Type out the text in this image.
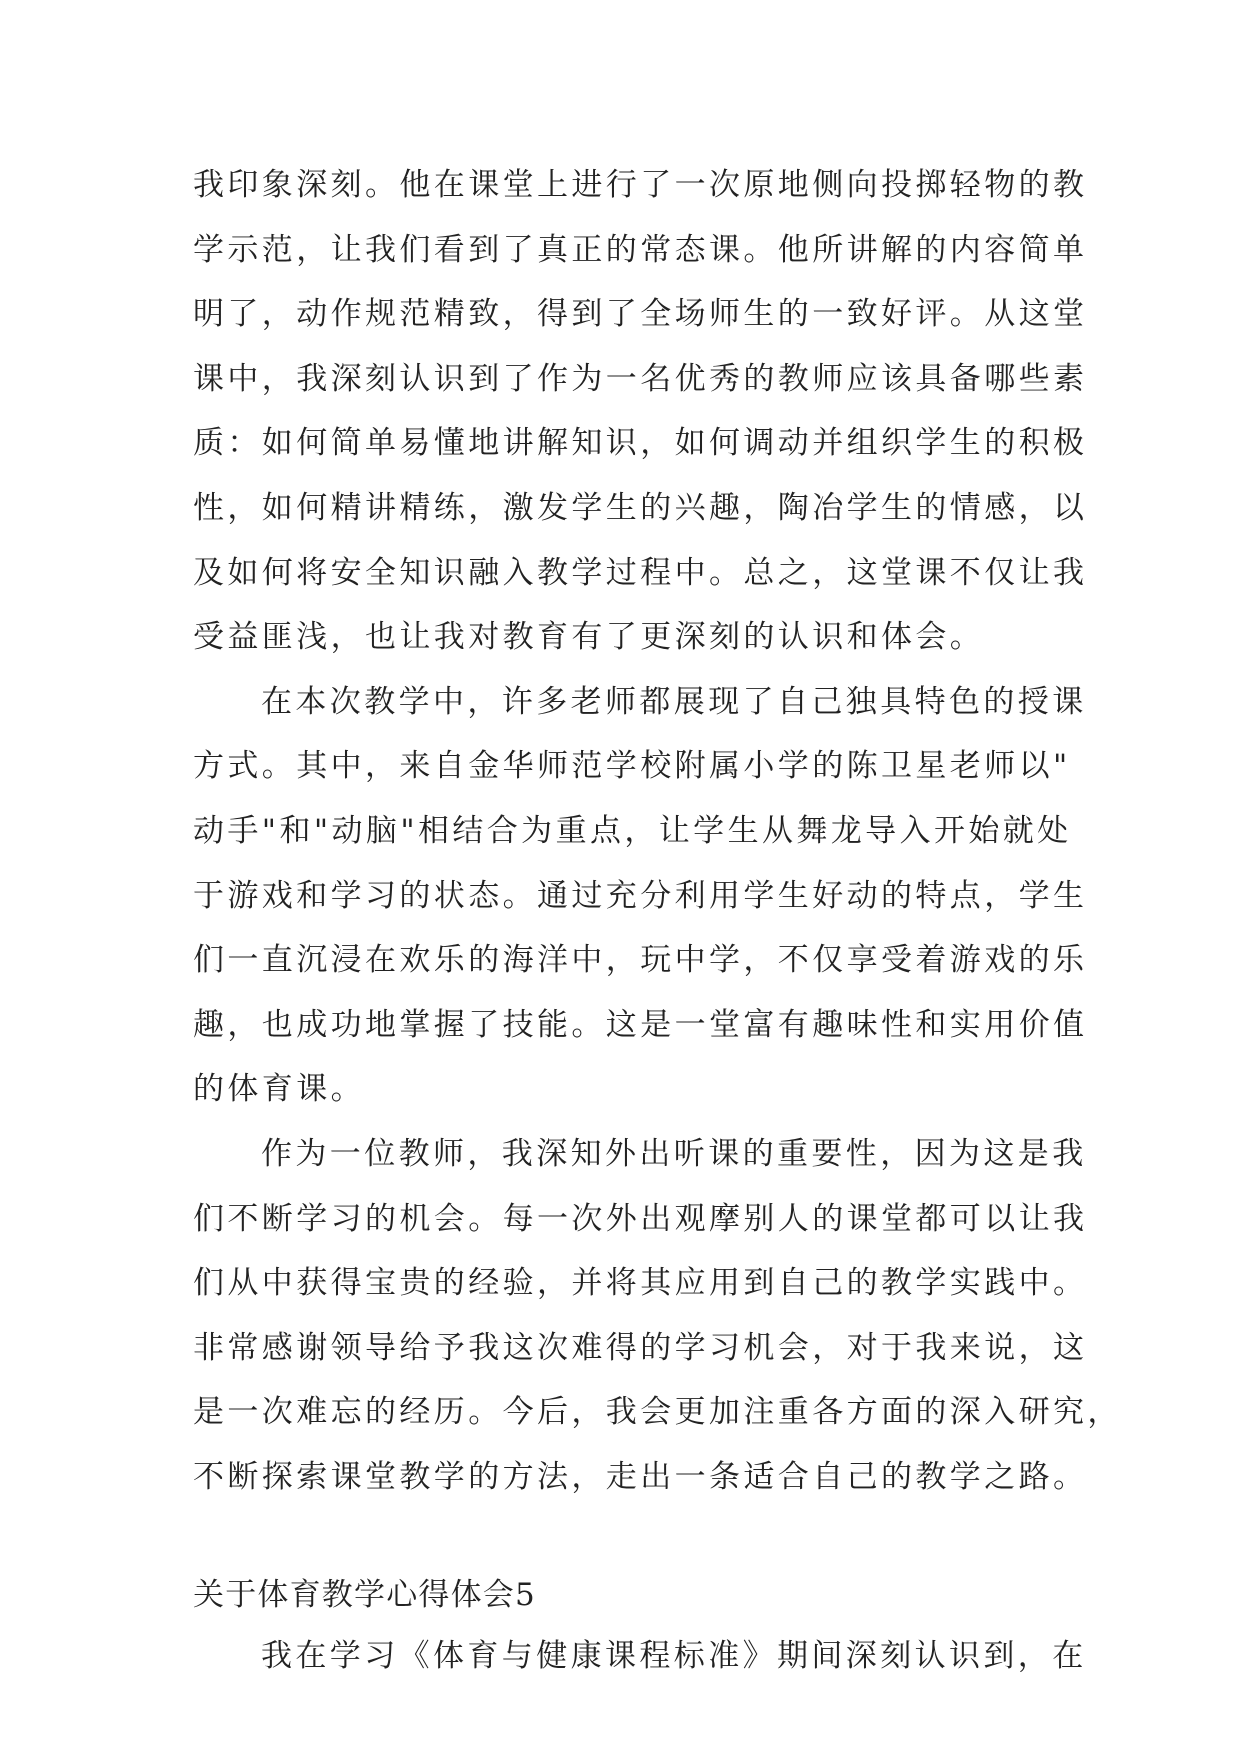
我印象深刻。他在课堂上进行了一次原地侧向投掷轻物的教
学示范，让我们看到了真正的常态课。他所讲解的内容简单
明了，动作规范精致，得到了全场师生的一致好评。从这堂
课中，我深刻认识到了作为一名优秀的教师应该具备哪些素
质：如何简单易懂地讲解知识，如何调动并组织学生的积极
性，如何精讲精练，激发学生的兴趣，陶冶学生的情感，以
及如何将安全知识融入教学过程中。总之，这堂课不仅让我
受益匪浅，也让我对教育有了更深刻的认识和体会。
在本次教学中，许多老师都展现了自己独具特色的授课
方式。其中，来自金华师范学校附属小学的陈卫星老师以"
动手"和"动脑"相结合为重点，让学生从舞龙导入开始就处
于游戏和学习的状态。通过充分利用学生好动的特点，学生
们一直沉浸在欢乐的海洋中，玩中学，不仅享受着游戏的乐
趣，也成功地掌握了技能。这是一堂富有趣味性和实用价值
的体育课。
作为一位教师，我深知外出听课的重要性，因为这是我
们不断学习的机会。每一次外出观摩别人的课堂都可以让我
们从中获得宝贵的经验，并将其应用到自己的教学实践中。
非常感谢领导给予我这次难得的学习机会，对于我来说，这
是一次难忘的经历。今后，我会更加注重各方面的深入研究，
不断探索课堂教学的方法，走出一条适合自己的教学之路。
关于体育教学心得体会5
我在学习《体育与健康课程标准》期间深刻认识到，在
